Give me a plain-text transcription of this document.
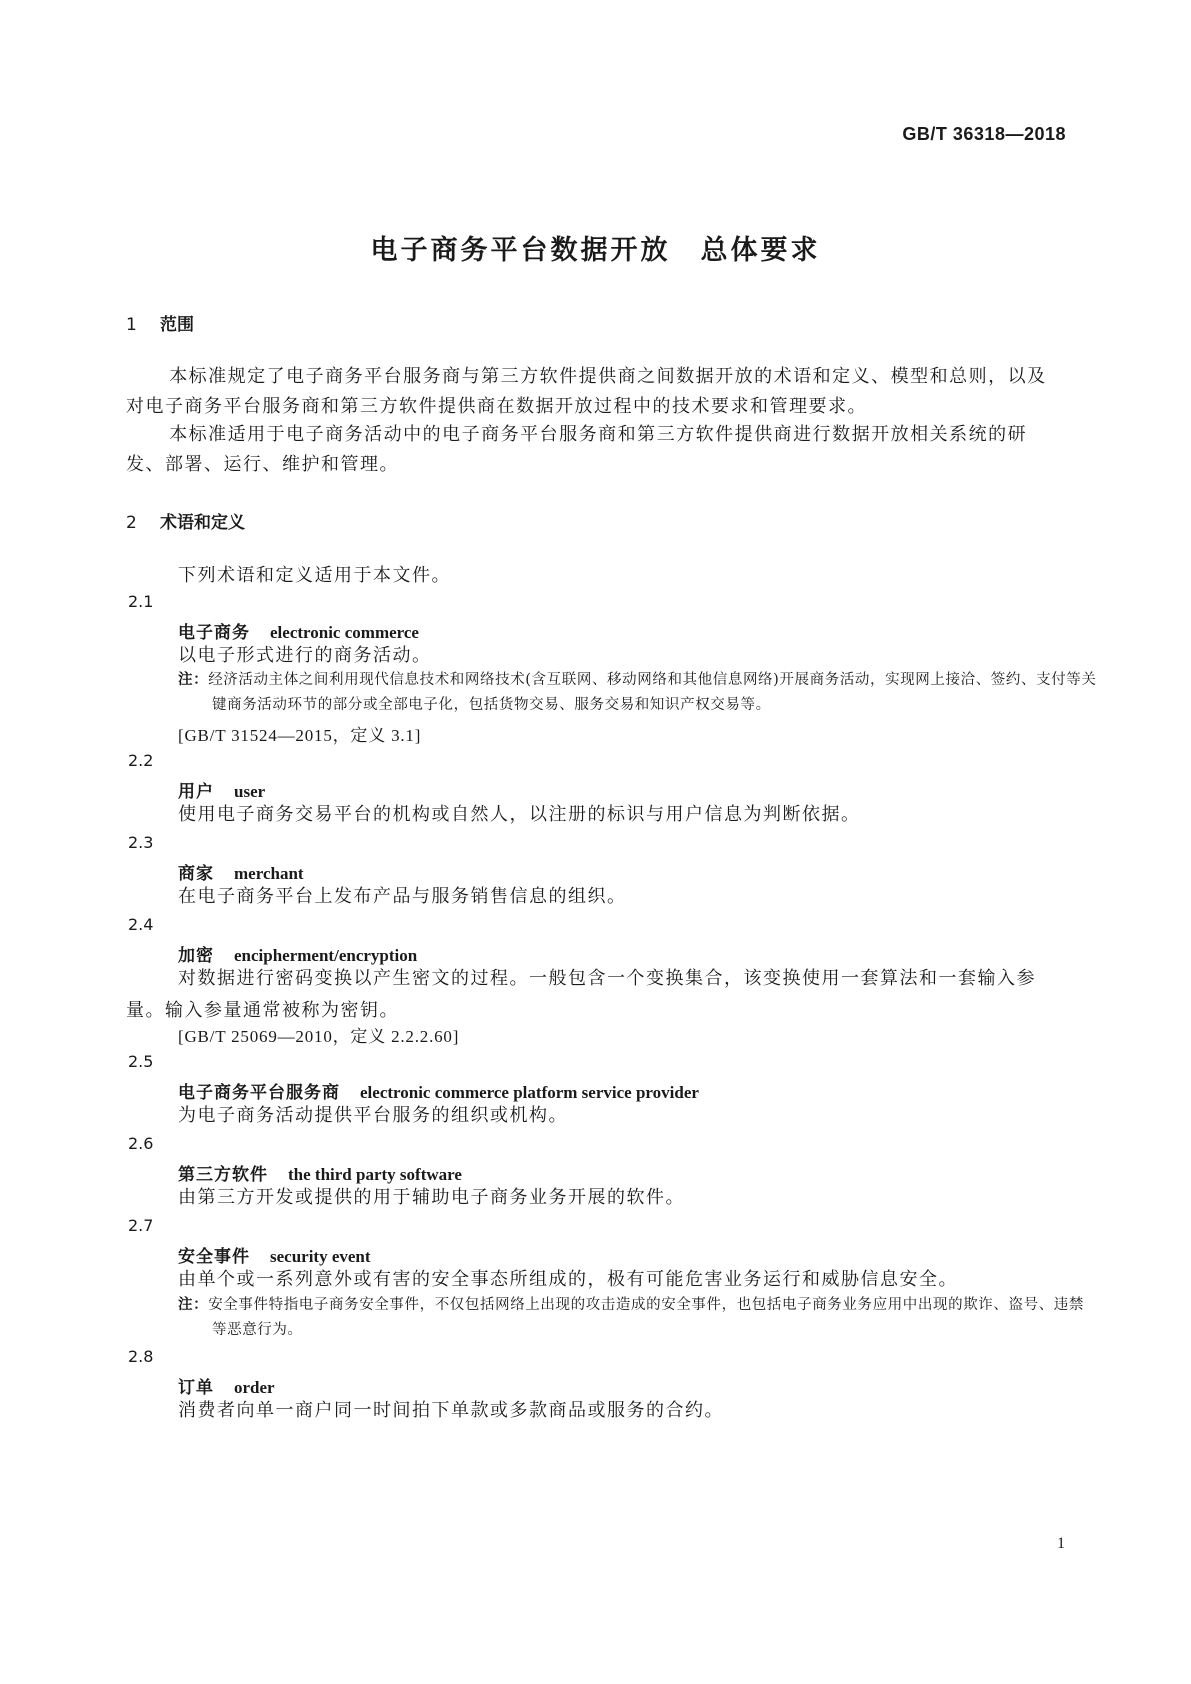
GB/T 36318—2018
电子商务平台数据开放 总体要求
1 范围

本标准规定了电子商务平台服务商与第三方软件提供商之间数据开放的术语和定义、模型和总则，以及对电子商务平台服务商和第三方软件提供商在数据开放过程中的技术要求和管理要求。

本标准适用于电子商务活动中的电子商务平台服务商和第三方软件提供商进行数据开放相关系统的研发、部署、运行、维护和管理。

2 术语和定义
下列术语和定义适用于本文件。
2.1
电子商务 electronic commerce

以电子形式进行的商务活动。

注：经济活动主体之间利用现代信息技术和网络技术(含互联网、移动网络和其他信息网络)开展商务活动，实现网上接洽、签约、支付等关键商务活动环节的部分或全部电子化，包括货物交易、服务交易和知识产权交易等。

[GB/T 31524—2015，定义 3.1]
2.2
用户 user

使用电子商务交易平台的机构或自然人，以注册的标识与用户信息为判断依据。

2.3
商家 merchant

在电子商务平台上发布产品与服务销售信息的组织。

2.4
加密 encipherment/encryption

对数据进行密码变换以产生密文的过程。一般包含一个变换集合，该变换使用一套算法和一套输入参量。输入参量通常被称为密钥。

[GB/T 25069—2010，定义 2.2.2.60]
2.5
电子商务平台服务商 electronic commerce platform service provider

为电子商务活动提供平台服务的组织或机构。

2.6
第三方软件 the third party software

由第三方开发或提供的用于辅助电子商务业务开展的软件。

2.7
安全事件 security event

由单个或一系列意外或有害的安全事态所组成的，极有可能危害业务运行和威胁信息安全。

注：安全事件特指电子商务安全事件，不仅包括网络上出现的攻击造成的安全事件，也包括电子商务业务应用中出现的欺诈、盗号、违禁等恶意行为。

2.8
订单 order

消费者向单一商户同一时间拍下单款或多款商品或服务的合约。

1
